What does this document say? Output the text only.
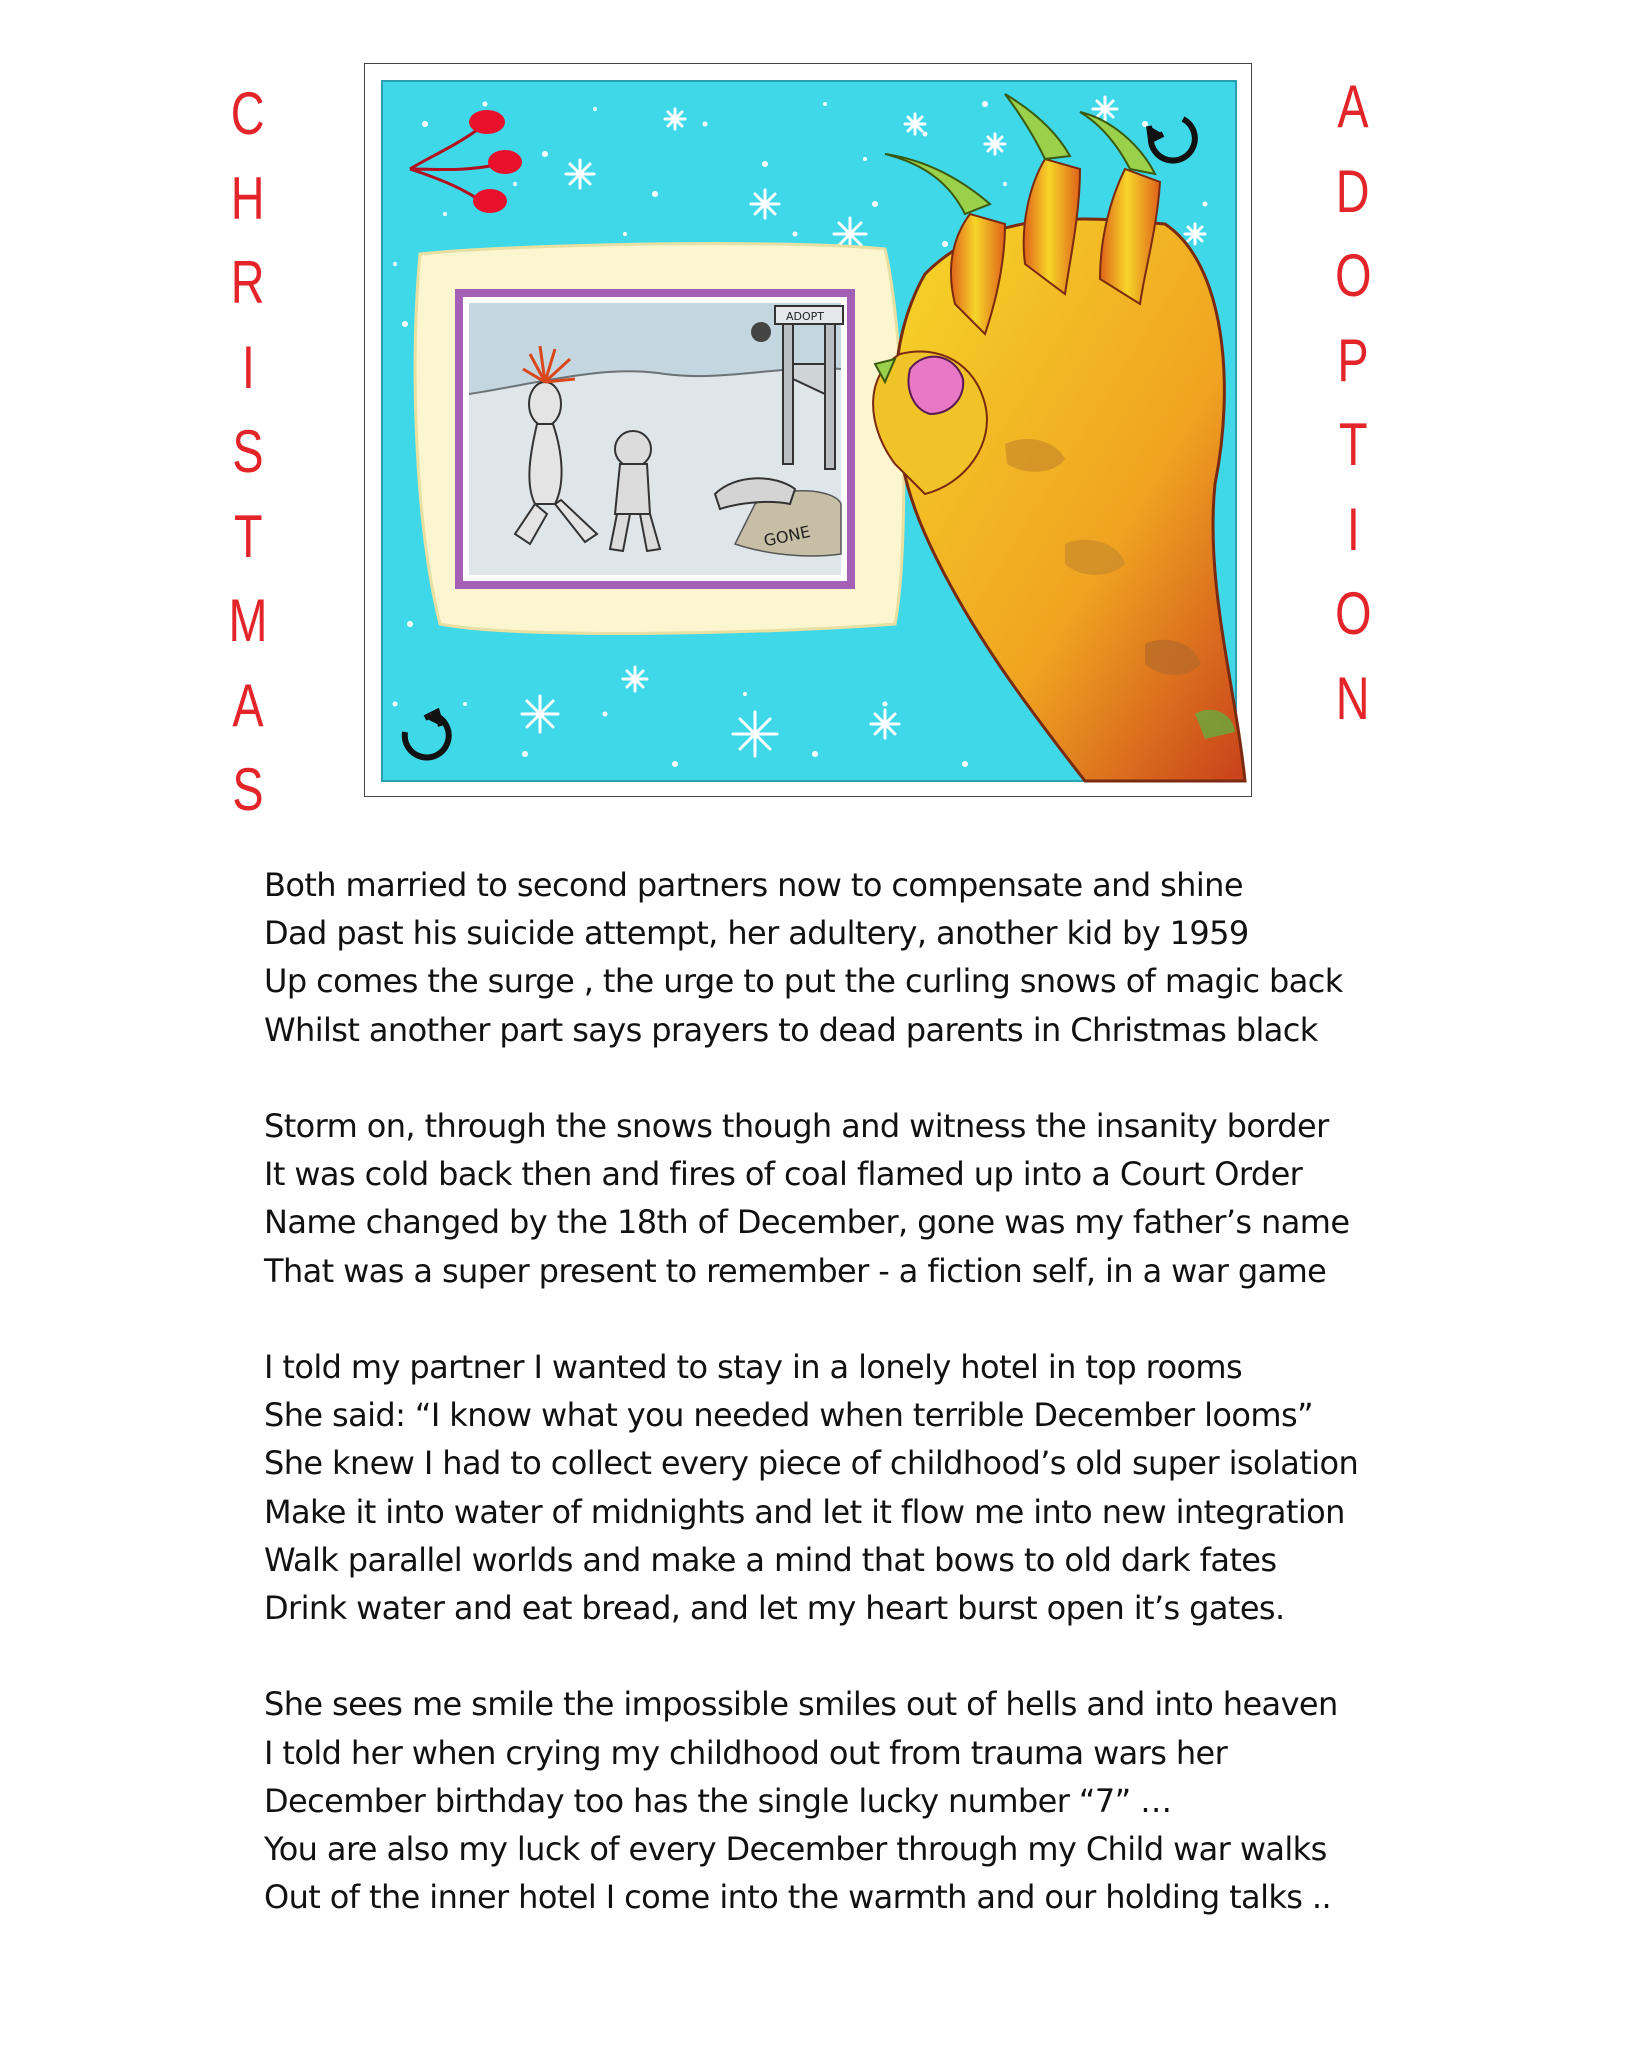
C
H
R
I
S
T
M
A
S
A
D
O
P
T
I
O
N
ADOPT
GONE
Both married to second partners now to compensate and shine
Dad past his suicide attempt, her adultery, another kid by 1959
Up comes the surge , the urge to put the curling snows of magic back
Whilst another part says prayers to dead parents in Christmas black
Storm on, through the snows though and witness the insanity border
It was cold back then and fires of coal flamed up into a Court Order
Name changed by the 18th of December, gone was my father’s name
That was a super present to remember - a fiction self, in a war game
I told my partner I wanted to stay in a lonely hotel in top rooms
She said: “I know what you needed when terrible December looms”
She knew I had to collect every piece of childhood’s old super isolation
Make it into water of midnights and let it flow me into new integration
Walk parallel worlds and make a mind that bows to old dark fates
Drink water and eat bread, and let my heart burst open it’s gates.
She sees me smile the impossible smiles out of hells and into heaven
I told her when crying my childhood out from trauma wars her
December birthday too has the single lucky number “7” …
You are also my luck of every December through my Child war walks
Out of the inner hotel I come into the warmth and our holding talks ..
